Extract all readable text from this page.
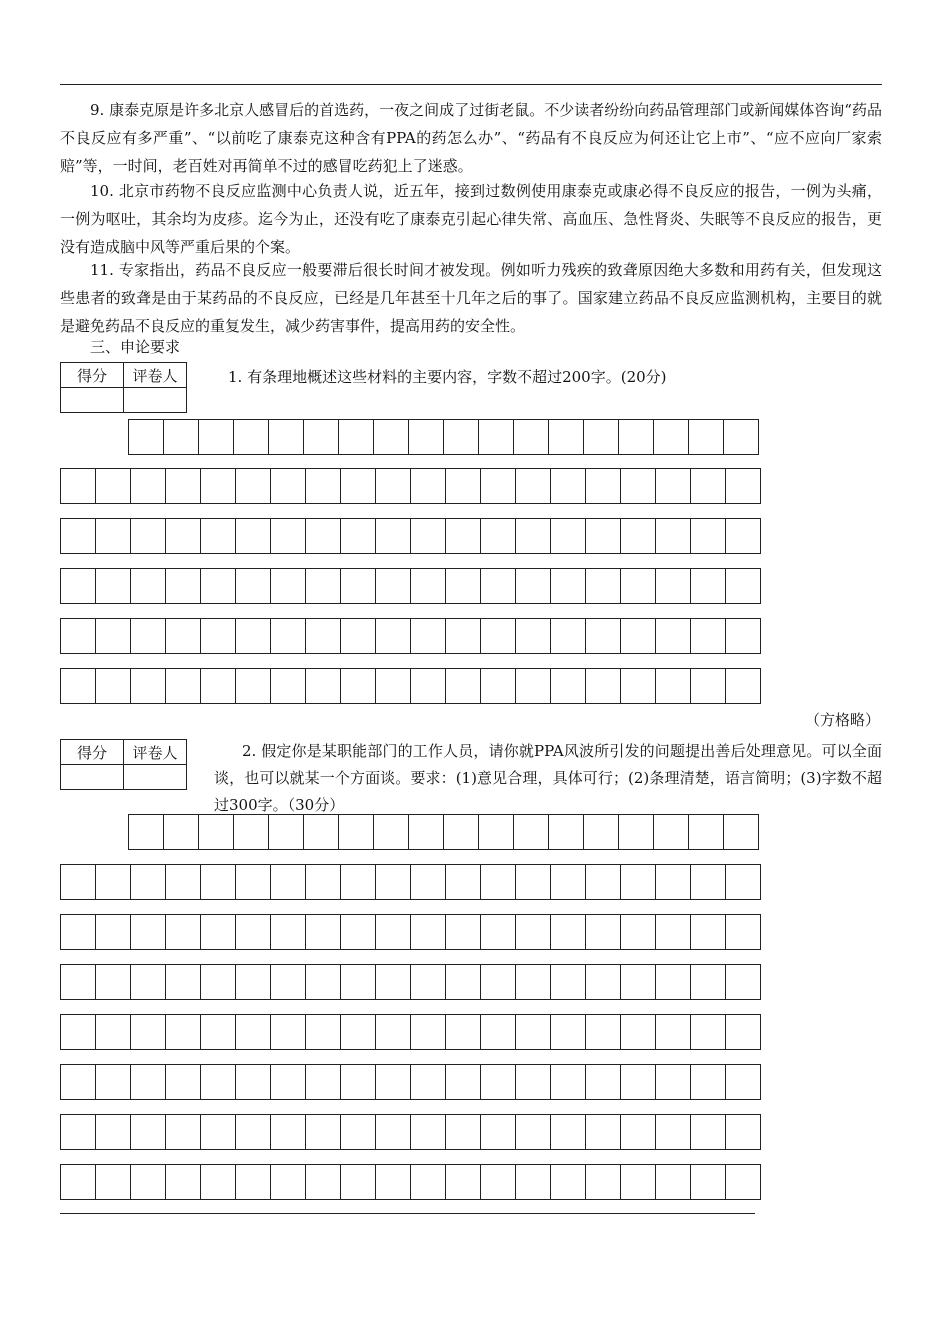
9. 康泰克原是许多北京人感冒后的首选药，一夜之间成了过街老鼠。不少读者纷纷向药品管理部门或新闻媒体咨询“药品不良反应有多严重”、“以前吃了康泰克这种含有PPA的药怎么办”、“药品有不良反应为何还让它上市”、“应不应向厂家索赔”等，一时间，老百姓对再简单不过的感冒吃药犯上了迷惑。

10. 北京市药物不良反应监测中心负责人说，近五年，接到过数例使用康泰克或康必得不良反应的报告，一例为头痛，一例为呕吐，其余均为皮疹。迄今为止，还没有吃了康泰克引起心律失常、高血压、急性肾炎、失眠等不良反应的报告，更没有造成脑中风等严重后果的个案。

11. 专家指出，药品不良反应一般要滞后很长时间才被发现。例如听力残疾的致聋原因绝大多数和用药有关，但发现这些患者的致聋是由于某药品的不良反应，已经是几年甚至十几年之后的事了。国家建立药品不良反应监测机构，主要目的就是避免药品不良反应的重复发生，减少药害事件，提高用药的安全性。

三、申论要求
得分	评卷人
		1. 有条理地概述这些材料的主要内容，字数不超过200字。(20分)

（方格略）
得分	评卷人
		2. 假定你是某职能部门的工作人员，请你就PPA风波所引发的问题提出善后处理意见。可以全面谈，也可以就某一个方面谈。要求：(1)意见合理，具体可行；(2)条理清楚，语言简明；(3)字数不超过300字。（30分）
